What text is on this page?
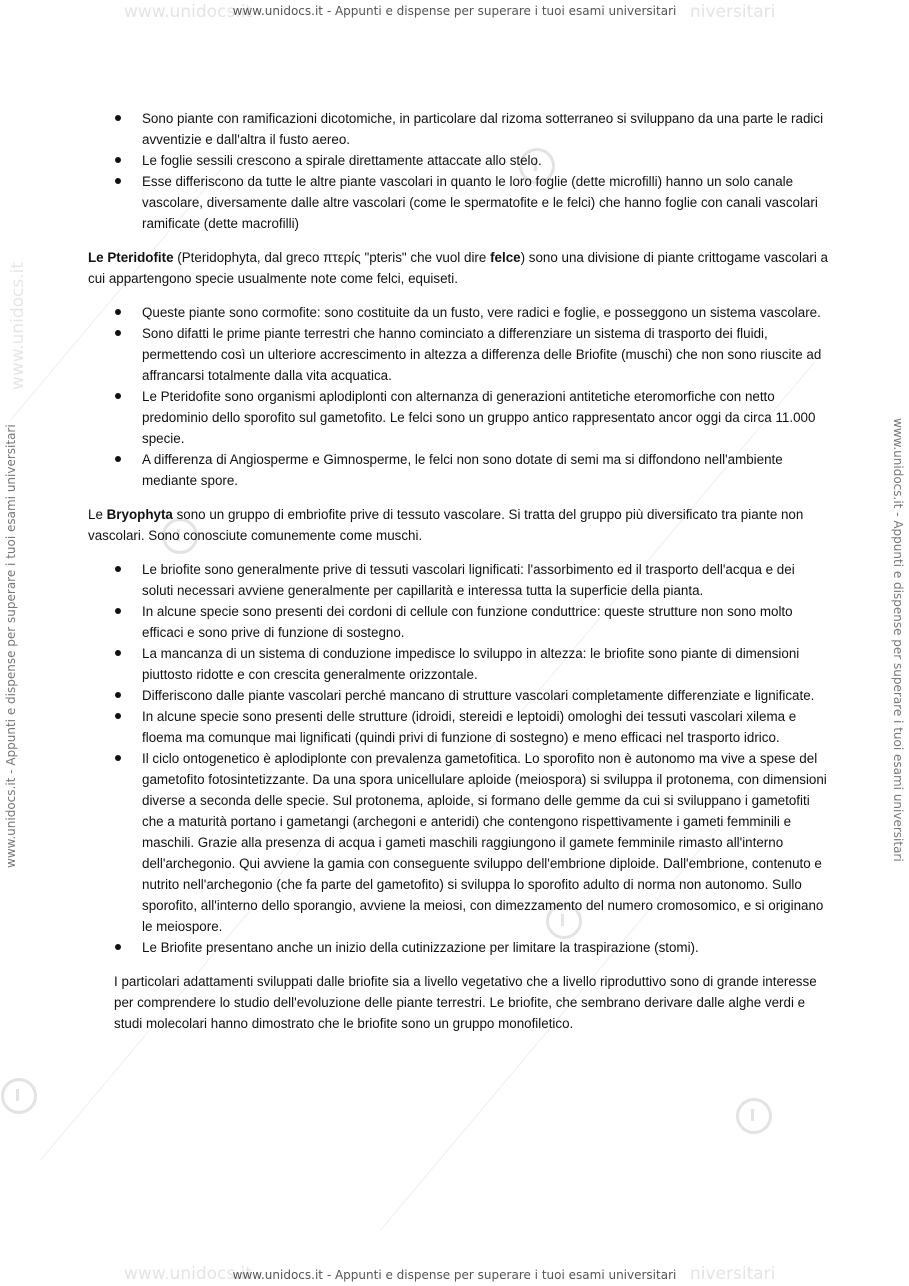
www.unidocs.it	niversitari
www.unidocs.it	niversitari
www.unidocs.it - Appunti e dispense per superare i tuoi esami universitari
www.unidocs.it - Appunti e dispense per superare i tuoi esami universitari
www.unidocs.it - Appunti e dispense per superare i tuoi esami universitari	www.unidocs.it - Appunti e dispense per superare i tuoi esami universitari
www.unidocs.it
Sono piante con ramificazioni dicotomiche, in particolare dal rizoma sotterraneo si sviluppano da una parte le radici avventizie e dall'altra il fusto aereo.
Le foglie sessili crescono a spirale direttamente attaccate allo stelo.
Esse differiscono da tutte le altre piante vascolari in quanto le loro foglie (dette microfilli) hanno un solo canale vascolare, diversamente dalle altre vascolari (come le spermatofite e le felci) che hanno foglie con canali vascolari ramificate (dette macrofilli)

Le Pteridofite (Pteridophyta, dal greco πτερίς "pteris" che vuol dire felce) sono una divisione di piante crittogame vascolari a cui appartengono specie usualmente note come felci, equiseti.

Queste piante sono cormofite: sono costituite da un fusto, vere radici e foglie, e posseggono un sistema vascolare.
Sono difatti le prime piante terrestri che hanno cominciato a differenziare un sistema di trasporto dei fluidi, permettendo così un ulteriore accrescimento in altezza a differenza delle Briofite (muschi) che non sono riuscite ad affrancarsi totalmente dalla vita acquatica.
Le Pteridofite sono organismi aplodiplonti con alternanza di generazioni antitetiche eteromorfiche con netto predominio dello sporofito sul gametofito. Le felci sono un gruppo antico rappresentato ancor oggi da circa 11.000 specie.
A differenza di Angiosperme e Gimnosperme, le felci non sono dotate di semi ma si diffondono nell'ambiente mediante spore.

Le Bryophyta sono un gruppo di embriofite prive di tessuto vascolare. Si tratta del gruppo più diversificato tra piante non vascolari. Sono conosciute comunemente come muschi.

Le briofite sono generalmente prive di tessuti vascolari lignificati: l'assorbimento ed il trasporto dell'acqua e dei soluti necessari avviene generalmente per capillarità e interessa tutta la superficie della pianta.
In alcune specie sono presenti dei cordoni di cellule con funzione conduttrice: queste strutture non sono molto efficaci e sono prive di funzione di sostegno.
La mancanza di un sistema di conduzione impedisce lo sviluppo in altezza: le briofite sono piante di dimensioni piuttosto ridotte e con crescita generalmente orizzontale.
Differiscono dalle piante vascolari perché mancano di strutture vascolari completamente differenziate e lignificate.
In alcune specie sono presenti delle strutture (idroidi, stereidi e leptoidi) omologhi dei tessuti vascolari xilema e floema ma comunque mai lignificati (quindi privi di funzione di sostegno) e meno efficaci nel trasporto idrico.
Il ciclo ontogenetico è aplodiplonte con prevalenza gametofitica. Lo sporofito non è autonomo ma vive a spese del gametofito fotosintetizzante. Da una spora unicellulare aploide (meiospora) si sviluppa il protonema, con dimensioni diverse a seconda delle specie. Sul protonema, aploide, si formano delle gemme da cui si sviluppano i gametofiti che a maturità portano i gametangi (archegoni e anteridi) che contengono rispettivamente i gameti femminili e maschili. Grazie alla presenza di acqua i gameti maschili raggiungono il gamete femminile rimasto all'interno dell'archegonio. Qui avviene la gamia con conseguente sviluppo dell'embrione diploide. Dall'embrione, contenuto e nutrito nell'archegonio (che fa parte del gametofito) si sviluppa lo sporofito adulto di norma non autonomo. Sullo sporofito, all'interno dello sporangio, avviene la meiosi, con dimezzamento del numero cromosomico, e si originano le meiospore.
Le Briofite presentano anche un inizio della cutinizzazione per limitare la traspirazione (stomi).

I particolari adattamenti sviluppati dalle briofite sia a livello vegetativo che a livello riproduttivo sono di grande interesse per comprendere lo studio dell'evoluzione delle piante terrestri. Le briofite, che sembrano derivare dalle alghe verdi e studi molecolari hanno dimostrato che le briofite sono un gruppo monofiletico.
